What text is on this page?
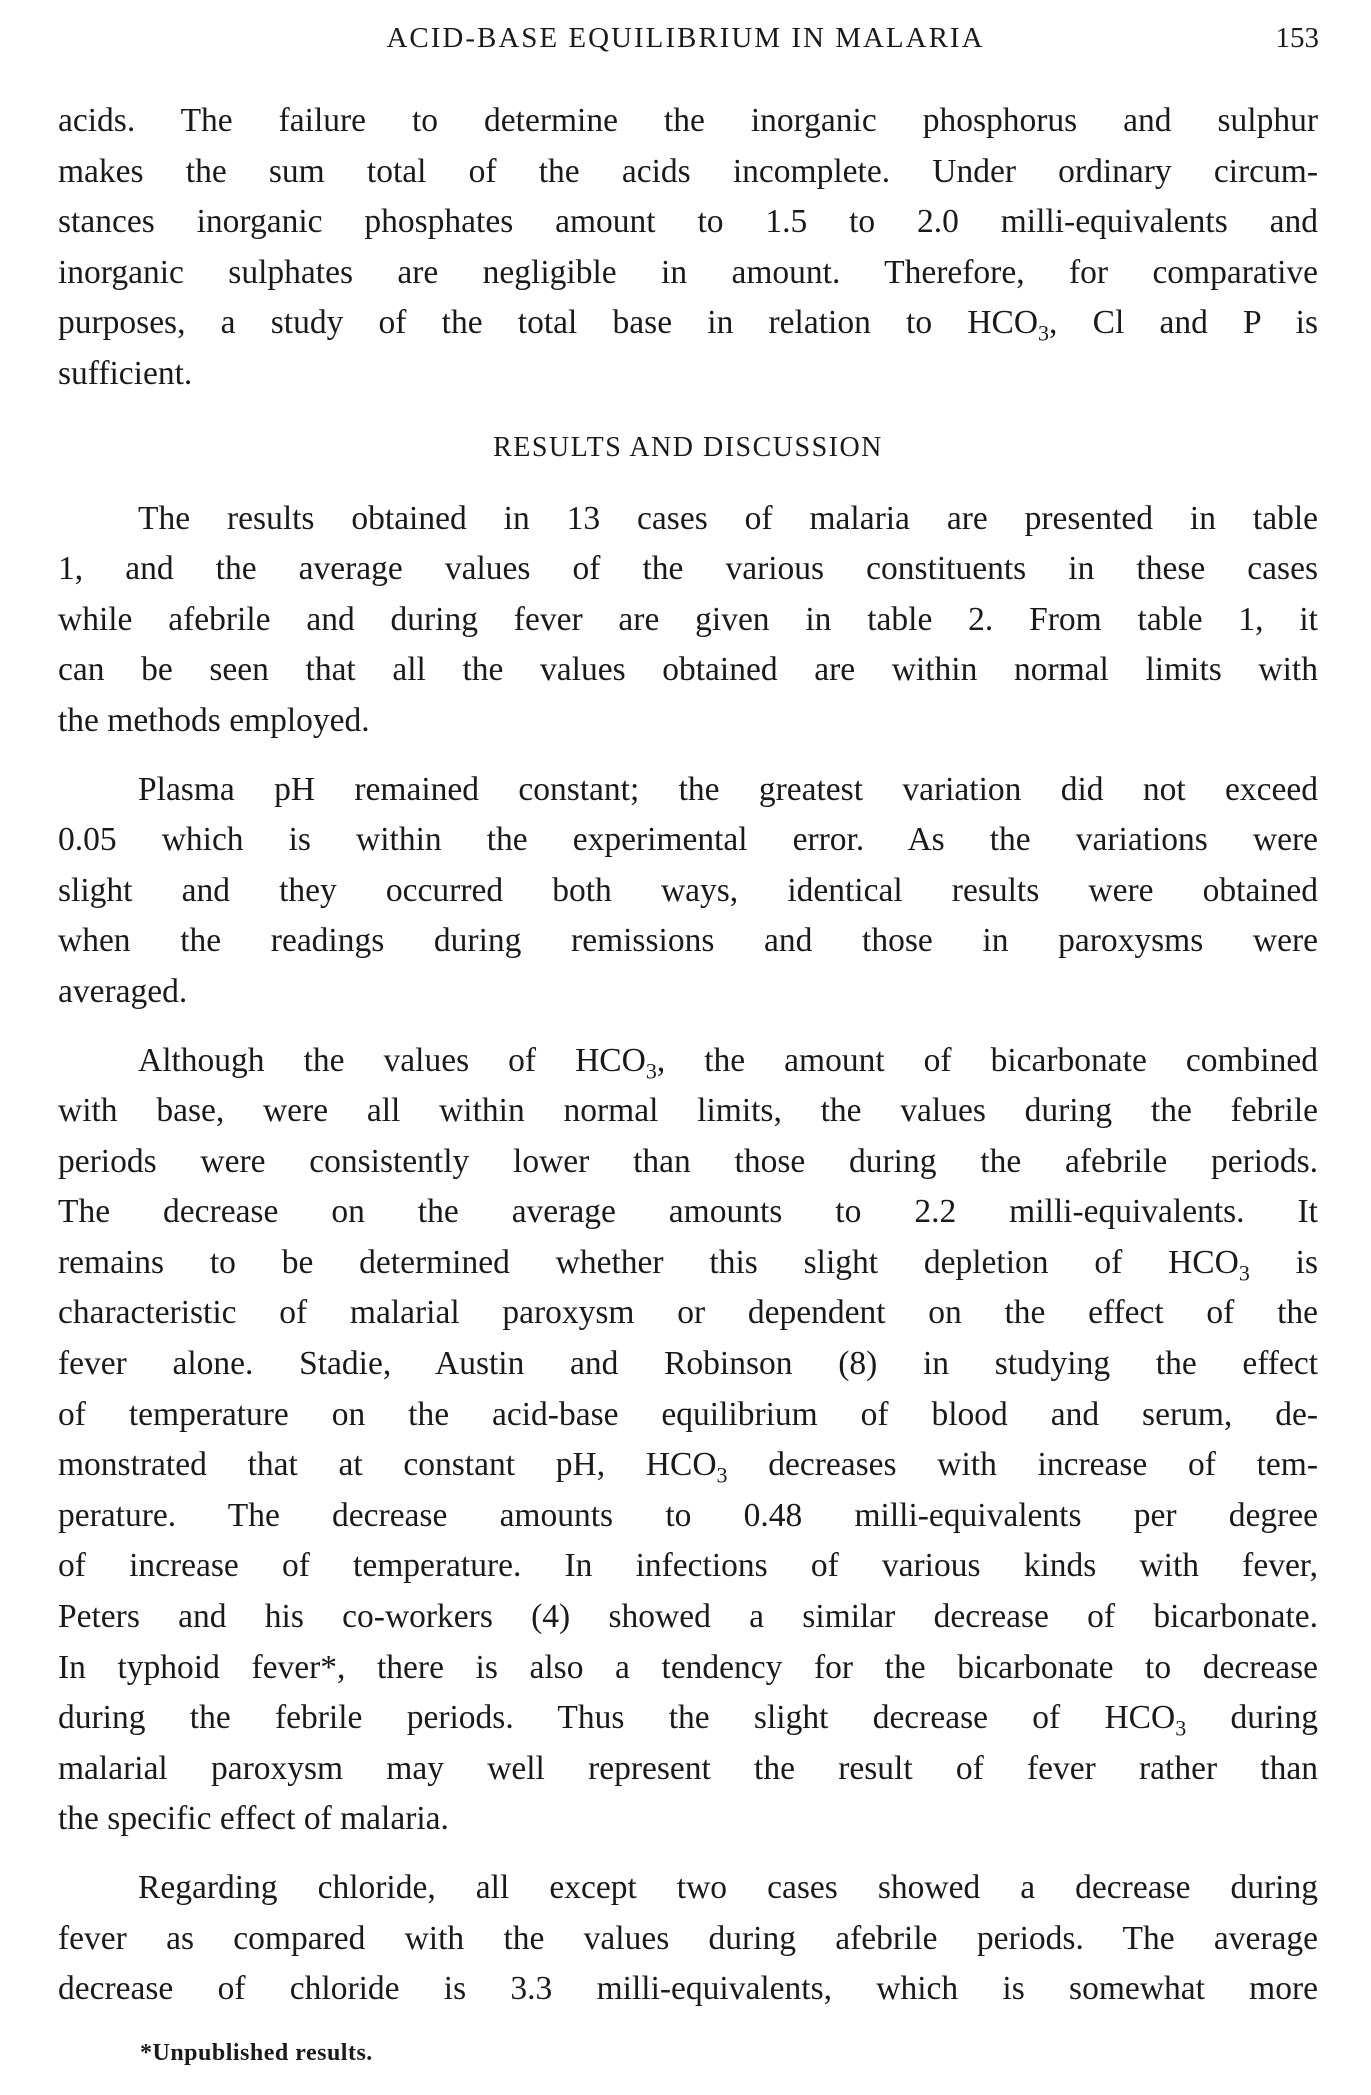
ACID-BASE EQUILIBRIUM IN MALARIA	153
acids. The failure to determine the inorganic phosphorus and sulphur
makes the sum total of the acids incomplete. Under ordinary circum-
stances inorganic phosphates amount to 1.5 to 2.0 milli-equivalents and
inorganic sulphates are negligible in amount. Therefore, for comparative
purposes, a study of the total base in relation to $HCO_3$, Cl and P is
sufficient.
RESULTS AND DISCUSSION
The results obtained in 13 cases of malaria are presented in table
1, and the average values of the various constituents in these cases
while afebrile and during fever are given in table 2. From table 1, it
can be seen that all the values obtained are within normal limits with
the methods employed.
Plasma pH remained constant; the greatest variation did not exceed
0.05 which is within the experimental error. As the variations were
slight and they occurred both ways, identical results were obtained
when the readings during remissions and those in paroxysms were
averaged.
Although the values of $HCO_3$, the amount of bicarbonate combined
with base, were all within normal limits, the values during the febrile
periods were consistently lower than those during the afebrile periods.
The decrease on the average amounts to 2.2 milli-equivalents. It
remains to be determined whether this slight depletion of $HCO_3$ is
characteristic of malarial paroxysm or dependent on the effect of the
fever alone. Stadie, Austin and Robinson (8) in studying the effect
of temperature on the acid-base equilibrium of blood and serum, de-
monstrated that at constant pH, $HCO_3$ decreases with increase of tem-
perature. The decrease amounts to 0.48 milli-equivalents per degree
of increase of temperature. In infections of various kinds with fever,
Peters and his co-workers (4) showed a similar decrease of bicarbonate.
In typhoid fever*, there is also a tendency for the bicarbonate to decrease
during the febrile periods. Thus the slight decrease of $HCO_3$ during
malarial paroxysm may well represent the result of fever rather than
the specific effect of malaria.
Regarding chloride, all except two cases showed a decrease during
fever as compared with the values during afebrile periods. The average
decrease of chloride is 3.3 milli-equivalents, which is somewhat more
*Unpublished results.
